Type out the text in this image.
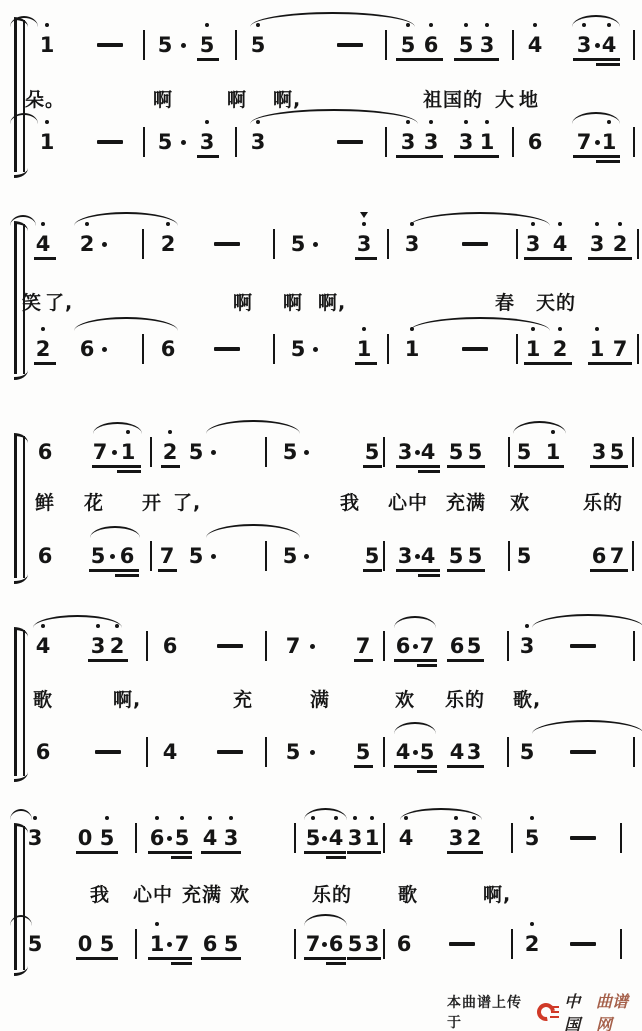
1	5 5 5	5 6 5 3 4 3 4
1	5 3 3	3 3 3 1 6 7 1
朵。	啊	啊 啊,	祖 国的 大 地
4 2	2	5 3 3	3 4 3 2
2 6	6	5 1 1	1 2 1 7
笑 了,	啊 啊 啊,	春 天的
6 7 1 2 5	5	5 3 4 5 5 5 1 3 5
6 5 6 7 5	5	5 3 4 5 5 5	6 7
鲜 花 开 了,	我 心中 充满 欢	乐的
4 3 2 6	7	7 6 7 6 5 3
6	4	5	5 4 5 4 3 5
歌	啊,	充	满	欢 乐的 歌,
3 0 5 6 5 4 3	5 4 3 1 4 3 2 5
5 0 5 1 7 6 5	7 6 5 3 6	2
我 心中 充满 欢	乐的 歌	啊,
本曲谱上传于
中国
曲谱网
